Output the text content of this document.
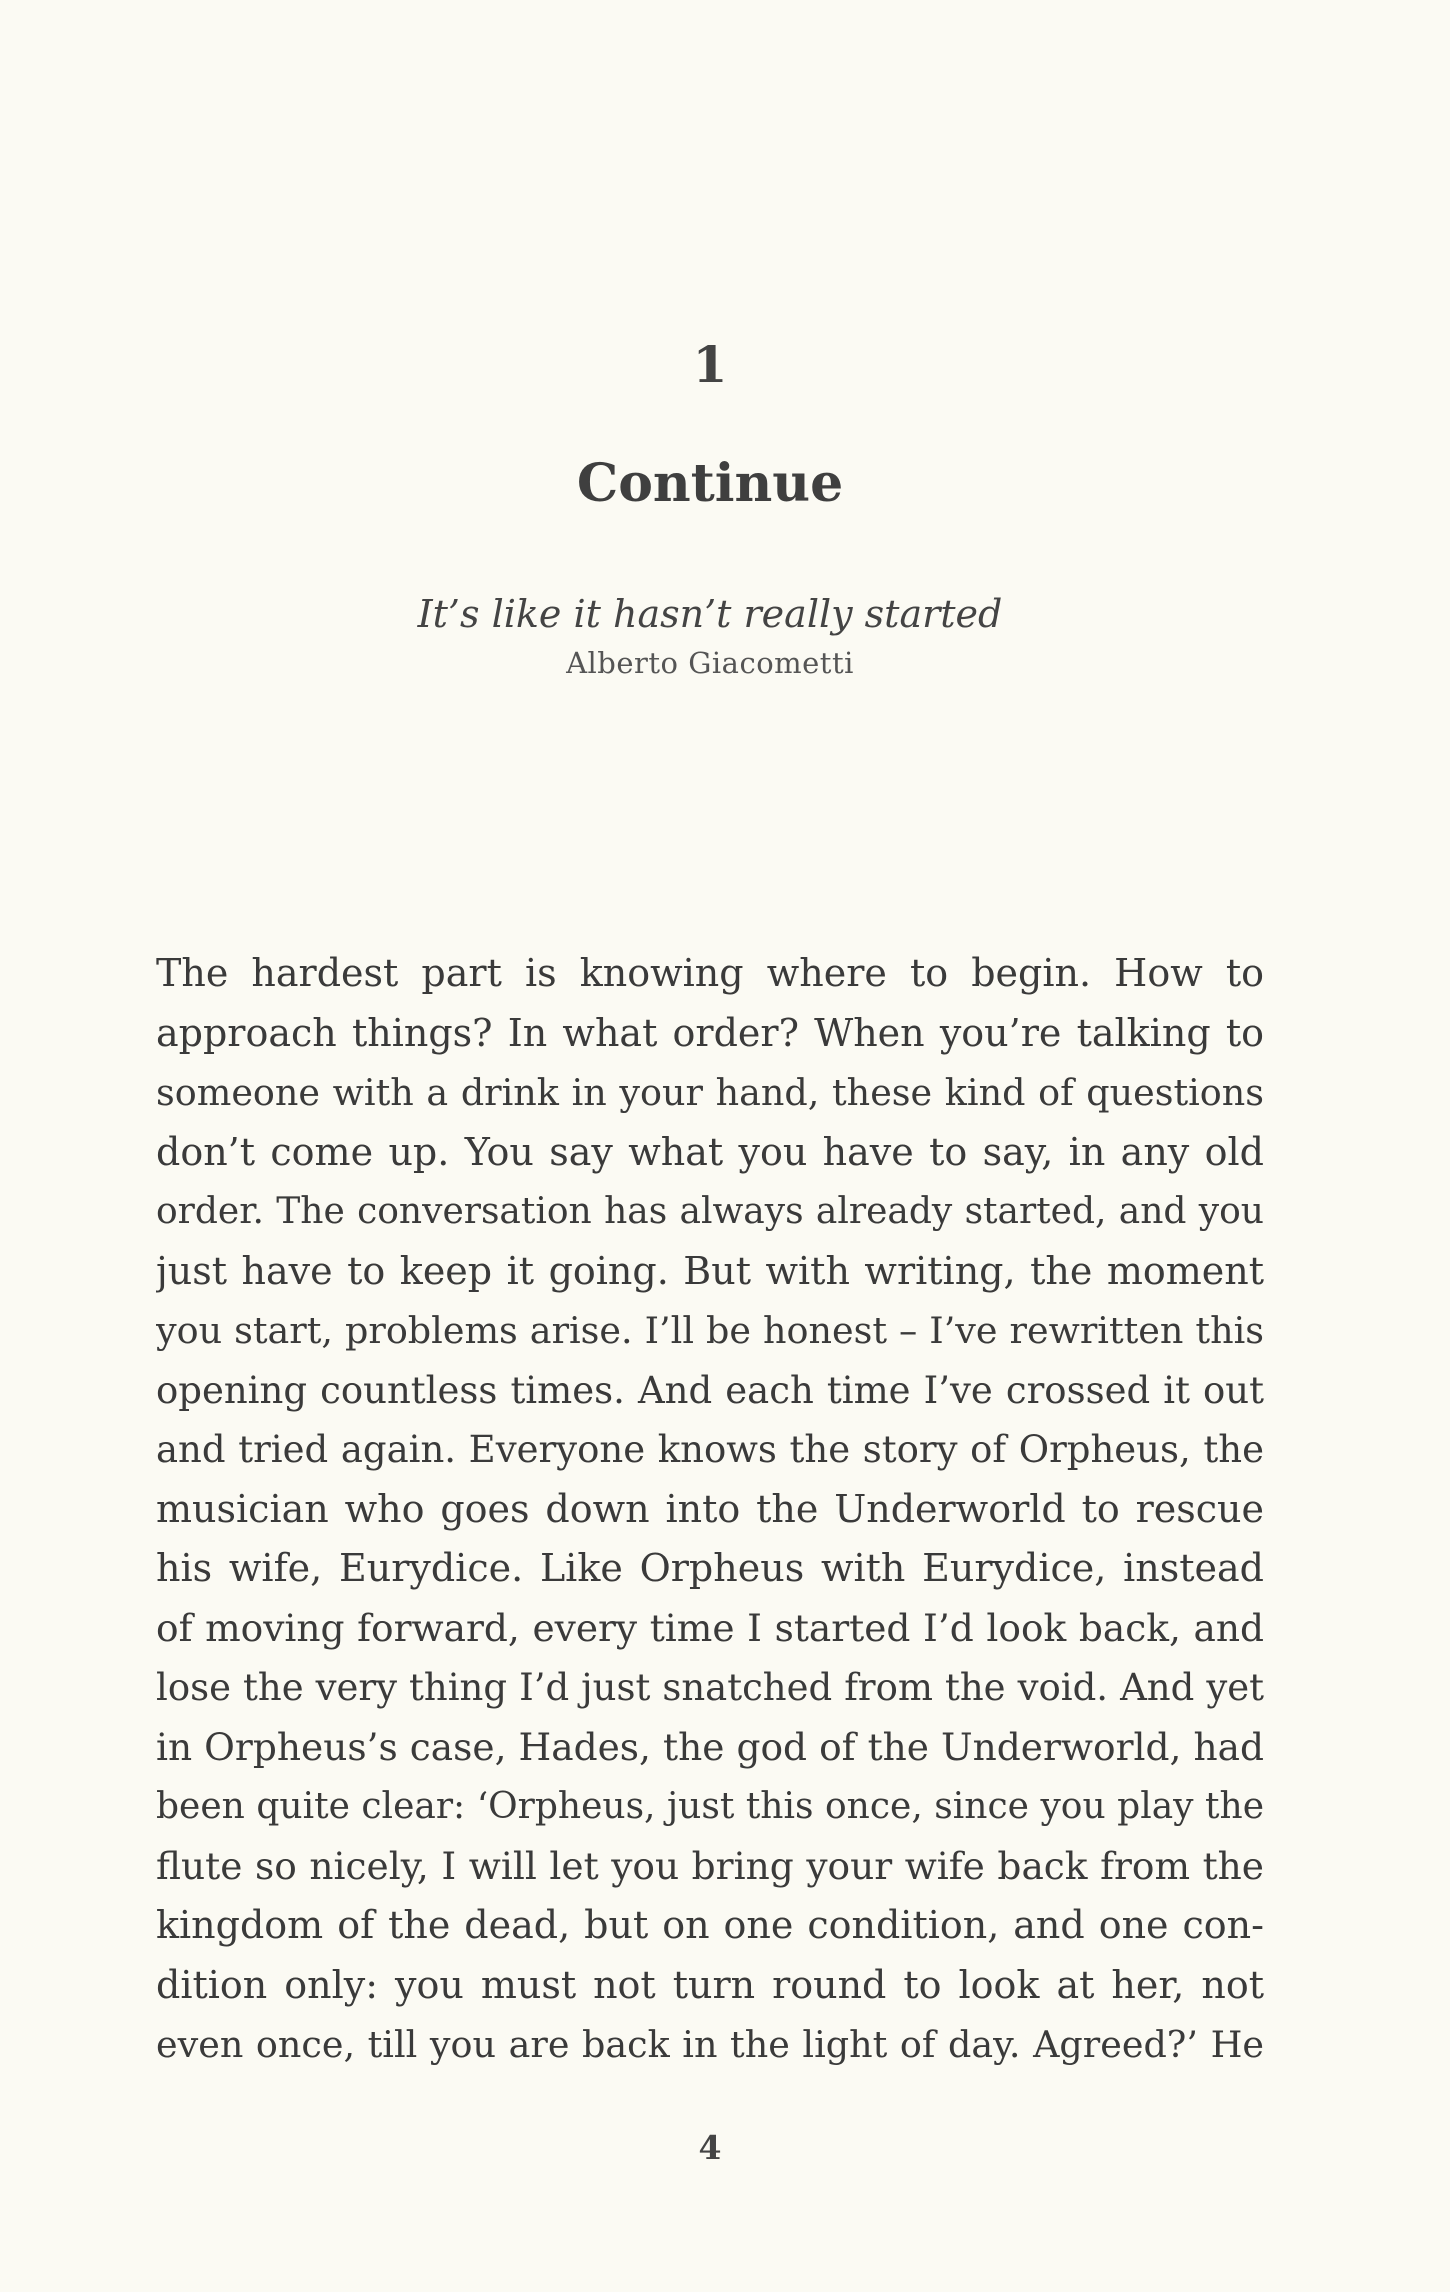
1
Continue
It’s like it hasn’t really started
Alberto Giacometti
The hardest part is knowing where to begin. How to
approach things? In what order? When you’re talking to
someone with a drink in your hand, these kind of questions
don’t come up. You say what you have to say, in any old
order. The conversation has always already started, and you
just have to keep it going. But with writing, the moment
you start, problems arise. I’ll be honest – I’ve rewritten this
opening countless times. And each time I’ve crossed it out
and tried again. Everyone knows the story of Orpheus, the
musician who goes down into the Underworld to rescue
his wife, Eurydice. Like Orpheus with Eurydice, instead
of moving forward, every time I started I’d look back, and
lose the very thing I’d just snatched from the void. And yet
in Orpheus’s case, Hades, the god of the Underworld, had
been quite clear: ‘Orpheus, just this once, since you play the
flute so nicely, I will let you bring your wife back from the
kingdom of the dead, but on one condition, and one con-
dition only: you must not turn round to look at her, not
even once, till you are back in the light of day. Agreed?’ He
4
